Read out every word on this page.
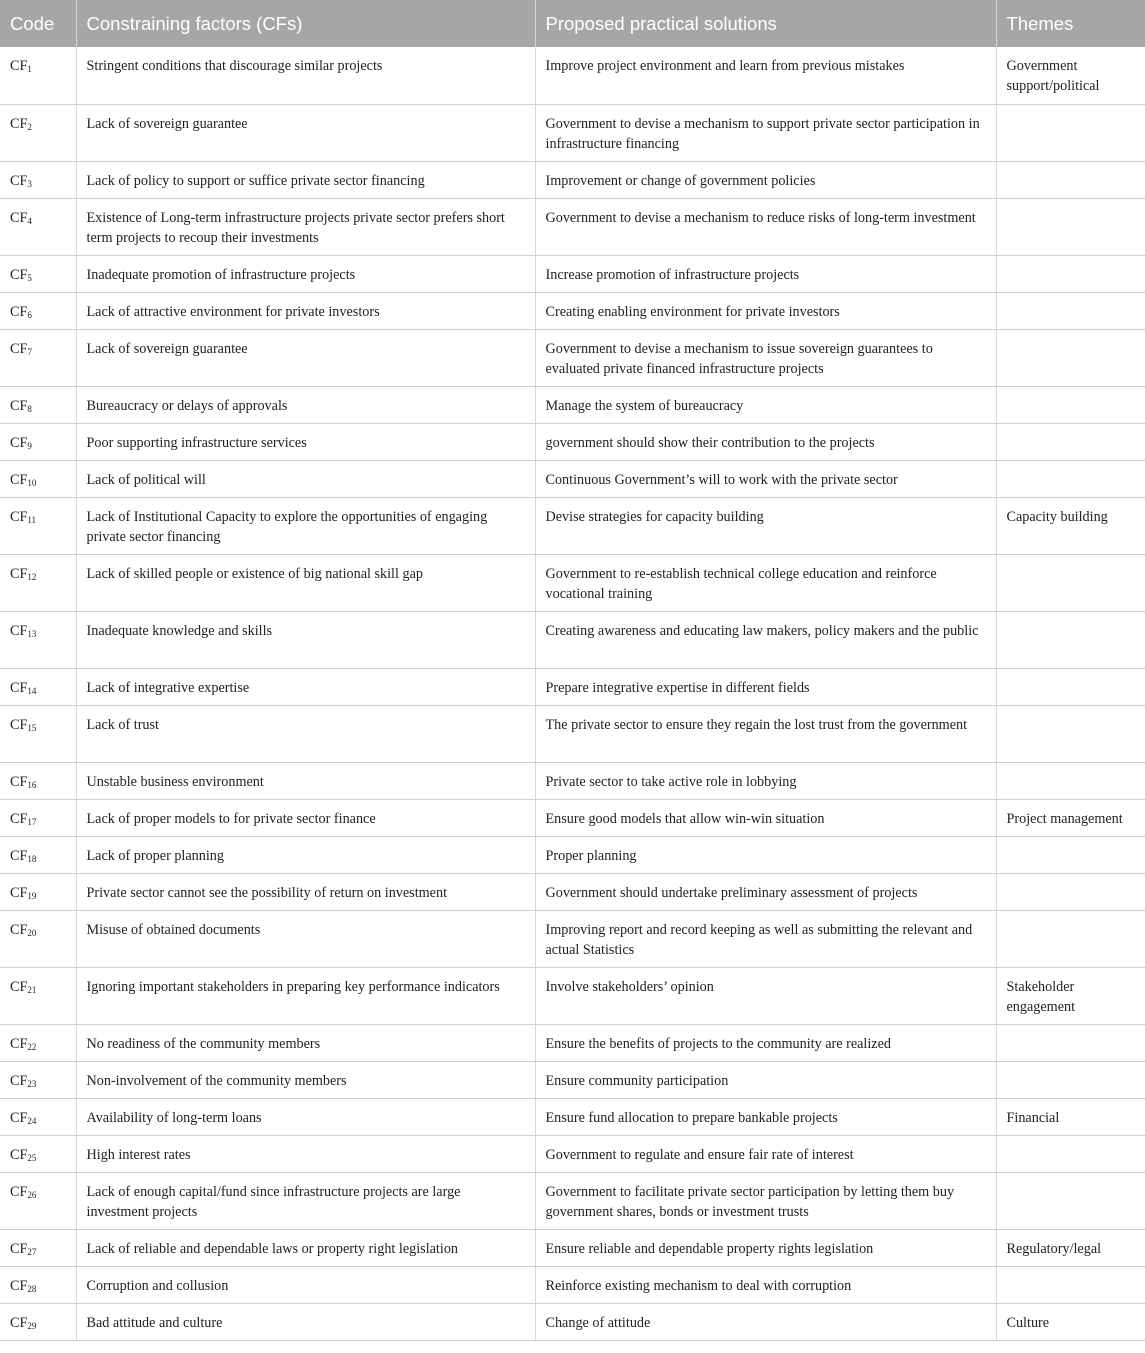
Code	Constraining factors (CFs)	Proposed practical solutions	Themes
$CF_1$	Stringent conditions that discourage similar projects	Improve project environment and learn from previous mistakes	Government support/political
$CF_2$	Lack of sovereign guarantee	Government to devise a mechanism to support private sector participation in infrastructure financing	
$CF_3$	Lack of policy to support or suffice private sector financing	Improvement or change of government policies	
$CF_4$	Existence of Long-term infrastructure projects private sector prefers short term projects to recoup their investments	Government to devise a mechanism to reduce risks of long-term investment	
$CF_5$	Inadequate promotion of infrastructure projects	Increase promotion of infrastructure projects	
$CF_6$	Lack of attractive environment for private investors	Creating enabling environment for private investors	
$CF_7$	Lack of sovereign guarantee	Government to devise a mechanism to issue sovereign guarantees to evaluated private financed infrastructure projects	
$CF_8$	Bureaucracy or delays of approvals	Manage the system of bureaucracy	
$CF_9$	Poor supporting infrastructure services	government should show their contribution to the projects	
$CF_{10}$	Lack of political will	Continuous Government’s will to work with the private sector	
$CF_{11}$	Lack of Institutional Capacity to explore the opportunities of engaging private sector financing	Devise strategies for capacity building	Capacity building
$CF_{12}$	Lack of skilled people or existence of big national skill gap	Government to re-establish technical college education and reinforce vocational training	
$CF_{13}$	Inadequate knowledge and skills	Creating awareness and educating law makers, policy makers and the public	
$CF_{14}$	Lack of integrative expertise	Prepare integrative expertise in different fields	
$CF_{15}$	Lack of trust	The private sector to ensure they regain the lost trust from the government	
$CF_{16}$	Unstable business environment	Private sector to take active role in lobbying	
$CF_{17}$	Lack of proper models to for private sector finance	Ensure good models that allow win-win situation	Project management
$CF_{18}$	Lack of proper planning	Proper planning	
$CF_{19}$	Private sector cannot see the possibility of return on investment	Government should undertake preliminary assessment of projects	
$CF_{20}$	Misuse of obtained documents	Improving report and record keeping as well as submitting the relevant and actual Statistics	
$CF_{21}$	Ignoring important stakeholders in preparing key performance indicators	Involve stakeholders’ opinion	Stakeholder engagement
$CF_{22}$	No readiness of the community members	Ensure the benefits of projects to the community are realized	
$CF_{23}$	Non-involvement of the community members	Ensure community participation	
$CF_{24}$	Availability of long-term loans	Ensure fund allocation to prepare bankable projects	Financial
$CF_{25}$	High interest rates	Government to regulate and ensure fair rate of interest	
$CF_{26}$	Lack of enough capital/fund since infrastructure projects are large investment projects	Government to facilitate private sector participation by letting them buy government shares, bonds or investment trusts	
$CF_{27}$	Lack of reliable and dependable laws or property right legislation	Ensure reliable and dependable property rights legislation	Regulatory/legal
$CF_{28}$	Corruption and collusion	Reinforce existing mechanism to deal with corruption	
$CF_{29}$	Bad attitude and culture	Change of attitude	Culture
